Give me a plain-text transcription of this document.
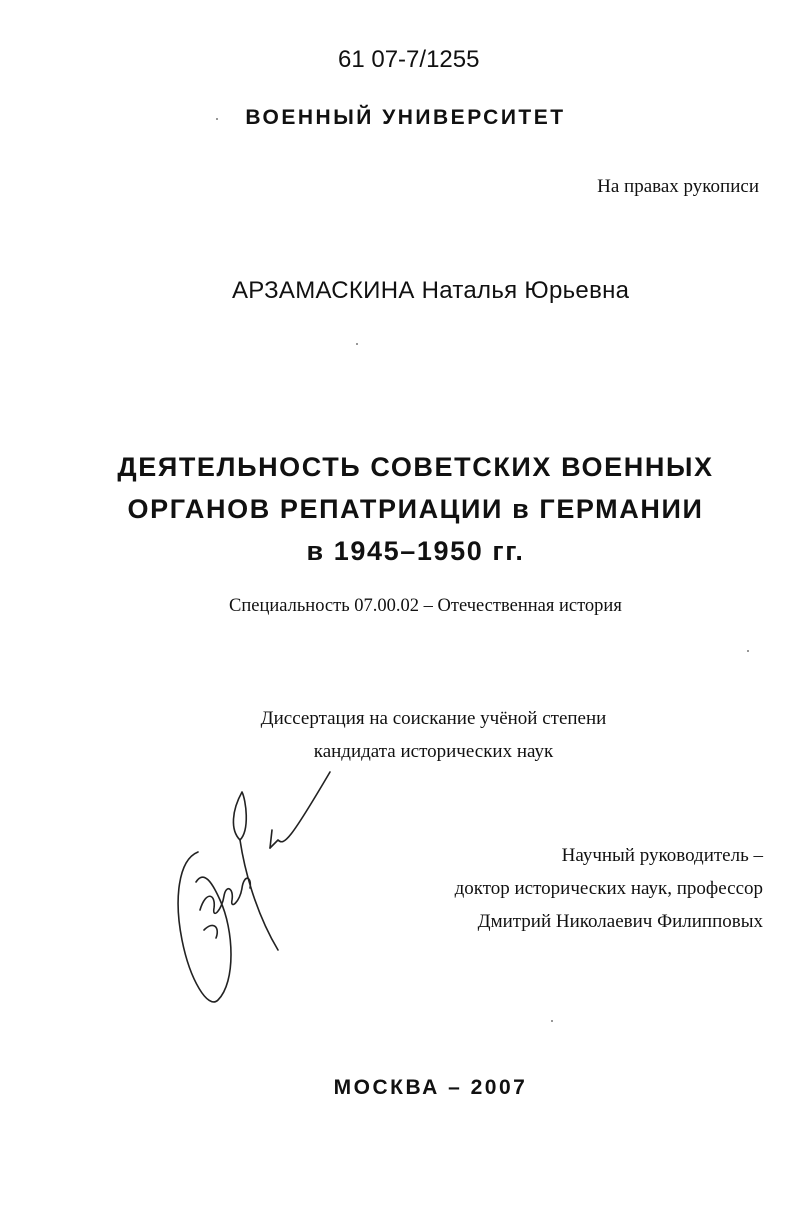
61 07-7/1255
ВОЕННЫЙ УНИВЕРСИТЕТ
На правах рукописи
АРЗАМАСКИНА Наталья Юрьевна
ДЕЯТЕЛЬНОСТЬ СОВЕТСКИХ ВОЕННЫХ
ОРГАНОВ РЕПАТРИАЦИИ в ГЕРМАНИИ
в 1945–1950 гг.
Специальность 07.00.02 – Отечественная история
Диссертация на соискание учёной степени
кандидата исторических наук
Научный руководитель –
доктор исторических наук, профессор
Дмитрий Николаевич Филипповых
МОСКВА – 2007
